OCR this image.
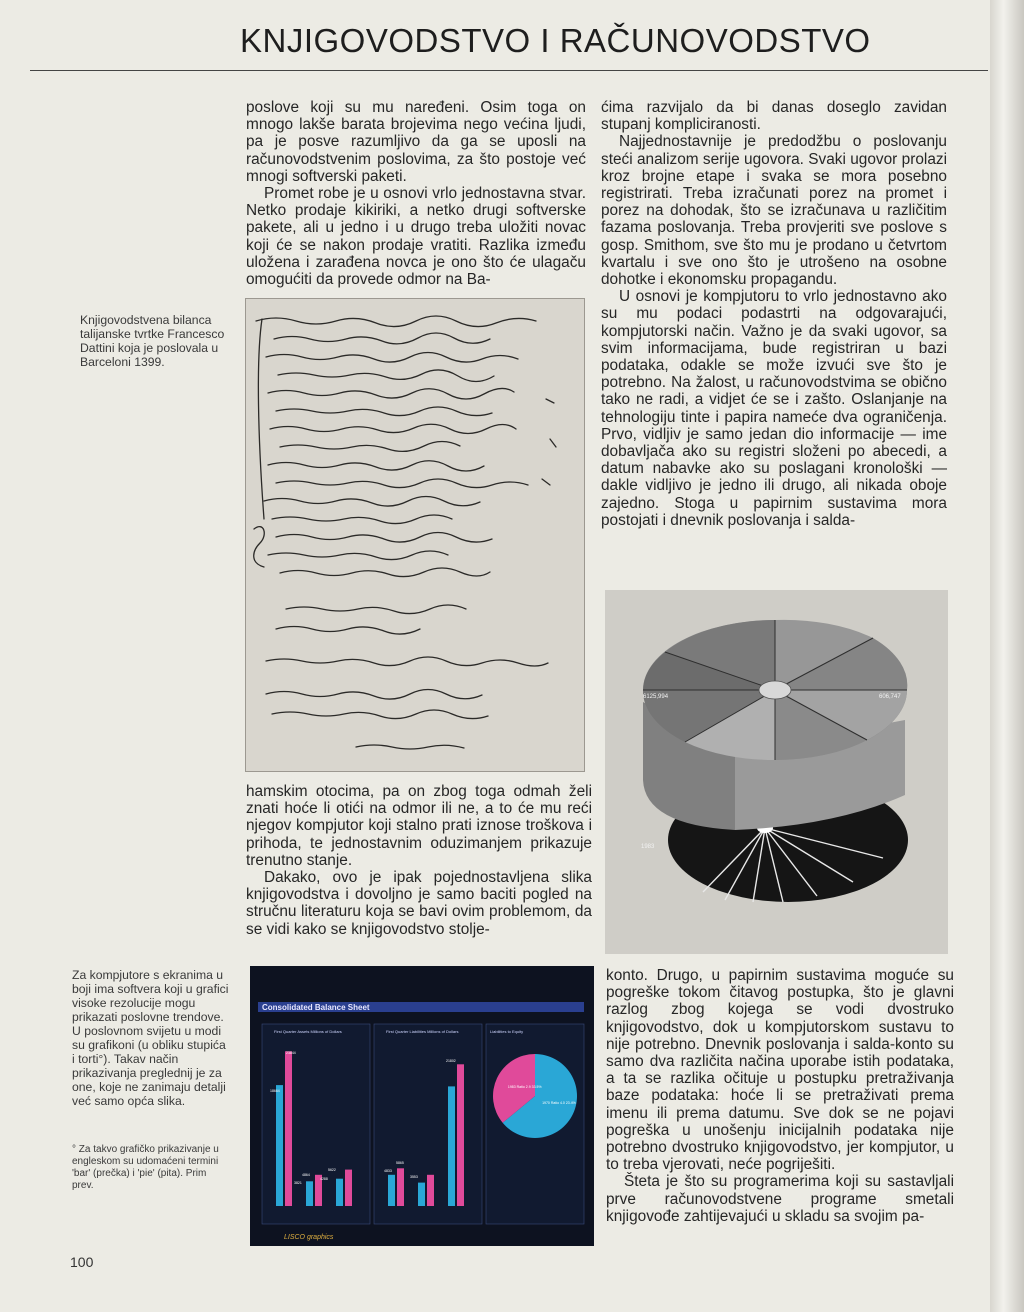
KNJIGOVODSTVO I RAČUNOVODSTVO

poslove koji su mu naređeni. Osim toga on mnogo lakše barata brojevima nego većina ljudi, pa je posve razumljivo da ga se uposli na računovodstvenim poslovima, za što postoje već mnogi softverski paketi.

Promet robe je u osnovi vrlo jednostavna stvar. Netko prodaje kikiriki, a netko drugi softverske pakete, ali u jedno i u drugo treba uložiti novac koji će se nakon prodaje vratiti. Razlika između uložena i zarađena novca je ono što će ulagaču omogućiti da provede odmor na Ba-

ćima razvijalo da bi danas doseglo zavidan stupanj kompliciranosti.

Najjednostavnije je predodžbu o poslovanju steći analizom serije ugovora. Svaki ugovor prolazi kroz brojne etape i svaka se mora posebno registrirati. Treba izračunati porez na promet i porez na dohodak, što se izračunava u različitim fazama poslovanja. Treba provjeriti sve poslove s gosp. Smithom, sve što mu je prodano u četvrtom kvartalu i sve ono što je utrošeno na osobne dohotke i ekonomsku propagandu.

U osnovi je kompjutoru to vrlo jednostavno ako su mu podaci podastrti na odgovarajući, kompjutorski način. Važno je da svaki ugovor, sa svim informacijama, bude registriran u bazi podataka, odakle se može izvući sve što je potrebno. Na žalost, u računovodstvima se obično tako ne radi, a vidjet će se i zašto. Oslanjanje na tehnologiju tinte i papira nameće dva ograničenja. Prvo, vidljiv je samo jedan dio informacije — ime dobavljača ako su registri složeni po abecedi, a datum nabavke ako su poslagani kronološki — dakle vidljivo je jedno ili drugo, ali nikada oboje zajedno. Stoga u papirnim sustavima mora postojati i dnevnik poslovanja i salda-

Knjigovodstvena bilanca talijanske tvrtke Francesco Dattini koja je poslovala u Barceloni 1399.
6125,994	606,747
1983

hamskim otocima, pa on zbog toga odmah želi znati hoće li otići na odmor ili ne, a to će mu reći njegov kompjutor koji stalno prati iznose troškova i prihoda, te jednostavnim oduzimanjem prikazuje trenutno stanje.

Dakako, ovo je ipak pojednostavljena slika knjigovodstva i dovoljno je samo baciti pogled na stručnu literaturu koja se bavi ovim problemom, da se vidi kako se knjigovodstvo stolje-

Za kompjutore s ekranima u boji ima softvera koji u grafici visoke rezolucije mogu prikazati poslovne trendove. U poslovnom svijetu u modi su grafikoni (u obliku stupića i torti°). Takav način prikazivanja preglednij je za one, koje ne zanimaju detalji već samo opća slika.
° Za takvo grafičko prikazivanje u engleskom su udomaćeni termini 'bar' (prečka) i 'pie' (pita). Prim prev.
Consolidated Balance Sheet
First Quarter Assets Millions of Dollars	First Quarter Liabilities Millions of Dollars	Liabilities to Equity
18664
23844
4864
3821
4288
5622	4833
5865
3553
21802
1970 Ratio 4.0 23.4%
1983 Ratio 2.9 33.5%
LISCO graphics

konto. Drugo, u papirnim sustavima moguće su pogreške tokom čitavog postupka, što je glavni razlog zbog kojega se vodi dvostruko knjigovodstvo, dok u kompjutorskom sustavu to nije potrebno. Dnevnik poslovanja i salda-konto su samo dva različita načina uporabe istih podataka, a ta se razlika očituje u postupku pretraživanja baze podataka: hoće li se pretraživati prema imenu ili prema datumu. Sve dok se ne pojavi pogreška u unošenju inicijalnih podataka nije potrebno dvostruko knjigovodstvo, jer kompjutor, u to treba vjerovati, neće pogriješiti.

Šteta je što su programerima koji su sastavljali prve računovodstvene programe smetali knjigovođe zahtijevajući u skladu sa svojim pa-

100
